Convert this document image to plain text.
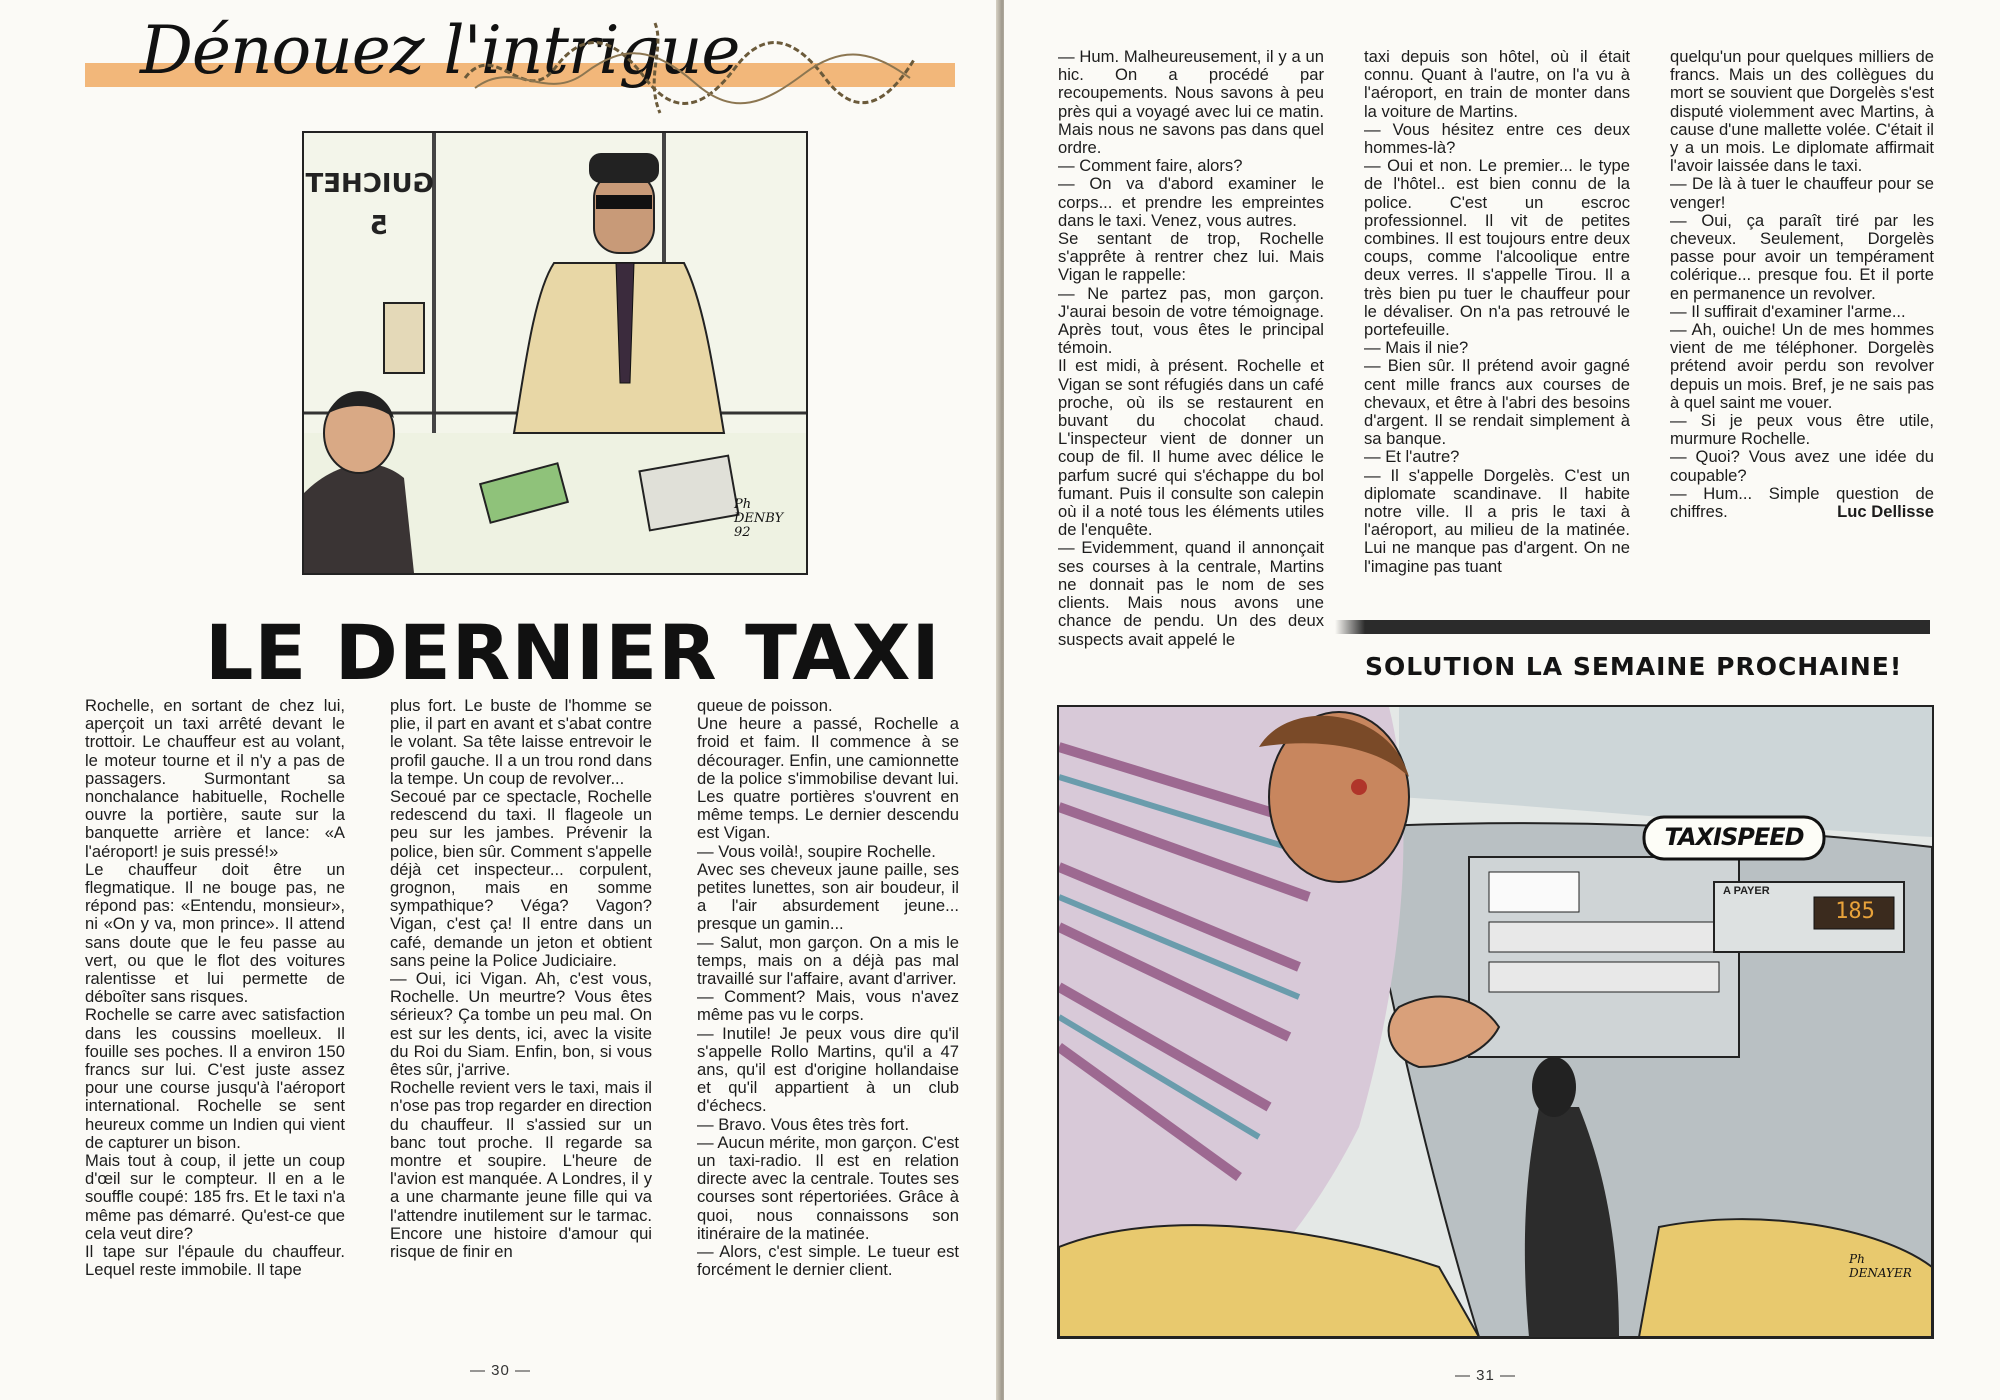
Dénouez l'intrigue
GUICHET
5
Ph
DENBY
92
LE DERNIER TAXI

Rochelle, en sortant de chez lui, aperçoit un taxi arrêté devant le trottoir. Le chauffeur est au volant, le moteur tourne et il n'y a pas de passagers. Surmontant sa nonchalance habituelle, Rochelle ouvre la portière, saute sur la banquette arrière et lance: «A l'aéroport! je suis pressé!»

Le chauffeur doit être un flegmatique. Il ne bouge pas, ne répond pas: «Entendu, monsieur», ni «On y va, mon prince». Il attend sans doute que le feu passe au vert, ou que le flot des voitures ralentisse et lui permette de déboîter sans risques.

Rochelle se carre avec satisfaction dans les coussins moelleux. Il fouille ses poches. Il a environ 150 francs sur lui. C'est juste assez pour une course jusqu'à l'aéroport international. Rochelle se sent heureux comme un Indien qui vient de capturer un bison.

Mais tout à coup, il jette un coup d'œil sur le compteur. Il en a le souffle coupé: 185 frs. Et le taxi n'a même pas démarré. Qu'est-ce que cela veut dire?

Il tape sur l'épaule du chauffeur. Lequel reste immobile. Il tape

plus fort. Le buste de l'homme se plie, il part en avant et s'abat contre le volant. Sa tête laisse entrevoir le profil gauche. Il a un trou rond dans la tempe. Un coup de revolver...

Secoué par ce spectacle, Rochelle redescend du taxi. Il flageole un peu sur les jambes. Prévenir la police, bien sûr. Comment s'appelle déjà cet inspecteur... corpulent, grognon, mais en somme sympathique? Véga? Vagon? Vigan, c'est ça! Il entre dans un café, demande un jeton et obtient sans peine la Police Judiciaire.

— Oui, ici Vigan. Ah, c'est vous, Rochelle. Un meurtre? Vous êtes sérieux? Ça tombe un peu mal. On est sur les dents, ici, avec la visite du Roi du Siam. Enfin, bon, si vous êtes sûr, j'arrive.

Rochelle revient vers le taxi, mais il n'ose pas trop regarder en direction du chauffeur. Il s'assied sur un banc tout proche. Il regarde sa montre et soupire. L'heure de l'avion est manquée. A Londres, il y a une charmante jeune fille qui va l'attendre inutilement sur le tarmac. Encore une histoire d'amour qui risque de finir en

queue de poisson.

Une heure a passé, Rochelle a froid et faim. Il commence à se décourager. Enfin, une camionnette de la police s'immobilise devant lui. Les quatre portières s'ouvrent en même temps. Le dernier descendu est Vigan.

— Vous voilà!, soupire Rochelle.

Avec ses cheveux jaune paille, ses petites lunettes, son air boudeur, il a l'air absurdement jeune... presque un gamin...

— Salut, mon garçon. On a mis le temps, mais on a déjà pas mal travaillé sur l'affaire, avant d'arriver.

— Comment? Mais, vous n'avez même pas vu le corps.

— Inutile! Je peux vous dire qu'il s'appelle Rollo Martins, qu'il a 47 ans, qu'il est d'origine hollandaise et qu'il appartient à un club d'échecs.

— Bravo. Vous êtes très fort.

— Aucun mérite, mon garçon. C'est un taxi-radio. Il est en relation directe avec la centrale. Toutes ses courses sont répertoriées. Grâce à quoi, nous connaissons son itinéraire de la matinée.

— Alors, c'est simple. Le tueur est forcément le dernier client.

— 30 —

— Hum. Malheureusement, il y a un hic. On a procédé par recoupements. Nous savons à peu près qui a voyagé avec lui ce matin. Mais nous ne savons pas dans quel ordre.

— Comment faire, alors?

— On va d'abord examiner le corps... et prendre les empreintes dans le taxi. Venez, vous autres.

Se sentant de trop, Rochelle s'apprête à rentrer chez lui. Mais Vigan le rappelle:

— Ne partez pas, mon garçon. J'aurai besoin de votre témoignage. Après tout, vous êtes le principal témoin.

Il est midi, à présent. Rochelle et Vigan se sont réfugiés dans un café proche, où ils se restaurent en buvant du chocolat chaud. L'inspecteur vient de donner un coup de fil. Il hume avec délice le parfum sucré qui s'échappe du bol fumant. Puis il consulte son calepin où il a noté tous les éléments utiles de l'enquête.

— Evidemment, quand il annonçait ses courses à la centrale, Martins ne donnait pas le nom de ses clients. Mais nous avons une chance de pendu. Un des deux suspects avait appelé le

taxi depuis son hôtel, où il était connu. Quant à l'autre, on l'a vu à l'aéroport, en train de monter dans la voiture de Martins.

— Vous hésitez entre ces deux hommes-là?

— Oui et non. Le premier... le type de l'hôtel.. est bien connu de la police. C'est un escroc professionnel. Il vit de petites combines. Il est toujours entre deux coups, comme l'alcoolique entre deux verres. Il s'appelle Tirou. Il a très bien pu tuer le chauffeur pour le dévaliser. On n'a pas retrouvé le portefeuille.

— Mais il nie?

— Bien sûr. Il prétend avoir gagné cent mille francs aux courses de chevaux, et être à l'abri des besoins d'argent. Il se rendait simplement à sa banque.

— Et l'autre?

— Il s'appelle Dorgelès. C'est un diplomate scandinave. Il habite notre ville. Il a pris le taxi à l'aéroport, au milieu de la matinée. Lui ne manque pas d'argent. On ne l'imagine pas tuant

quelqu'un pour quelques milliers de francs. Mais un des collègues du mort se souvient que Dorgelès s'est disputé violemment avec Martins, à cause d'une mallette volée. C'était il y a un mois. Le diplomate affirmait l'avoir laissée dans le taxi.

— De là à tuer le chauffeur pour se venger!

— Oui, ça paraît tiré par les cheveux. Seulement, Dorgelès passe pour avoir un tempérament colérique... presque fou. Et il porte en permanence un revolver.

— Il suffirait d'examiner l'arme...

— Ah, ouiche! Un de mes hommes vient de me téléphoner. Dorgelès prétend avoir perdu son revolver depuis un mois. Bref, je ne sais pas à quel saint me vouer.

— Si je peux vous être utile, murmure Rochelle.

— Quoi? Vous avez une idée du coupable?

— Hum... Simple question de chiffres.	Luc Dellisse

SOLUTION LA SEMAINE PROCHAINE!
TAXISPEED
A PAYER
185
Ph
DENAYER
— 31 —
